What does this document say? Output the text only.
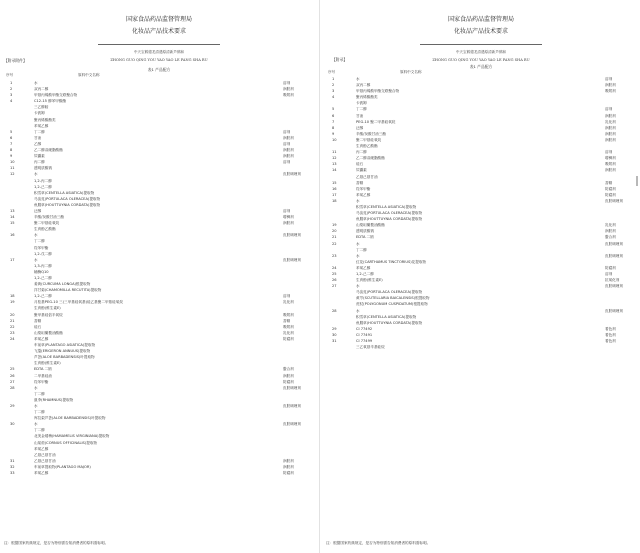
国家食品药品监督管理局
化妆品产品技术要求
中天宝鹤德龙清遇原清新芦鹤和
ZHONG GUO QING YOU YAO YAO LE PANG SHA RU
【附录附件】
表1 产品配方
序号	原料中文名称
1	水	溶剂
2	双丙二醇	润肤剂
3	甲基丙烯酸甲酯交联聚合物	吸附剂
4	C12-15 醇苯甲酸酯
三乙醇胺
卡波姆
聚丙烯酸酯类
苯氧乙醇
5	丁二醇	溶剂
6	甘油	润肤剂
7	乙醇	溶剂
8	乙二醇双硬脂酸酯	润肤剂
9	尿囊素	润肤剂
10	丙二醇	溶剂
11	透明质酸钠
12	水	皮肤调理剂
1,2-丙二醇
1,2-己二醇
积雪草(CENTELLA ASIATICA)提取物
马齿苋(PORTULACA OLERACEA)提取物
鱼腥草(HOUTTUYNIA CORDATA)提取物
13	泛醇	溶剂
14	辛酸/癸酸甘油三酯	增稠剂
15	聚二甲基硅氧烷	润肤剂
生育酚乙酸酯
16	水	皮肤调理剂
丁二醇
羟苯甲酯
1,2-戊二醇
17	水	皮肤调理剂
1,3-丙二醇
辅酶Q10
1,2-己二醇
姜黄(CURCUMA LONGA)根提取物
洋甘菊(CHAMOMILLA RECUTITA)提取物
18	1,2-己二醇	溶剂
19	月桂基PEG-10 三(三甲基硅氧基)硅乙基聚二甲基硅氧烷	乳化剂
生育酚(维生素E)
20	聚甲基硅倍半氧烷	吸附剂
21	香精	香精
22	硅石	吸附剂
23	山梨坦橄榄油酸酯	乳化剂
24	苯氧乙醇	防腐剂
车前草(PLANTAGO ASIATICA)提取物
飞蓬(ERIGERON ANNUUS)提取物
芦荟(ALOE BARBADENSIS)叶提取物
生育酚(维生素E)
25	EDTA 二钠	螯合剂
26	二甲基硅油	润肤剂
27	羟苯甲酯	防腐剂
28	水	皮肤调理剂
丁二醇
鼠李(RHAMNUS)提取物
29	水	皮肤调理剂
丁二醇
库拉索芦荟(ALOE BARBADENSIS)叶提取物
30	水	皮肤调理剂
丁二醇
北美金缕梅(HAMAMELIS VIRGINIANA)提取物
山茱萸(CORNUS OFFICINALIS)提取物
苯氧乙醇
乙基己基甘油
31	乙基己基甘油	润肤剂
32	车前草提取物(PLANTAGO MAJOR)	润肤剂
33	苯氧乙醇	防腐剂
注：根据国家药典规定，是否为特别需告知消费者的原料需标明。
国家食品药品监督管理局
化妆品产品技术要求
中天宝鹤德龙清遇原清新芦鹤和
ZHONG GUO QING YOU YAO YAO LE PANG SHA RU
【附录】
表1 产品配方
序号	原料中文名称
1	水	溶剂
2	双丙二醇	润肤剂
3	甲基丙烯酸甲酯交联聚合物	吸附剂
4	聚丙烯酸酯类
卡波姆
5	丁二醇	溶剂
6	甘油	润肤剂
7	PEG-10 聚二甲基硅氧烷	乳化剂
8	泛醇	润肤剂
9	辛酸/癸酸甘油三酯	润肤剂
10	聚二甲基硅氧烷	润肤剂
生育酚乙酸酯
11	丙二醇	溶剂
12	乙二醇双硬脂酸酯	增稠剂
13	硅石	吸附剂
14	尿囊素	润肤剂
乙基己基甘油
15	香精	香精
16	羟苯甲酯	防腐剂
17	苯氧乙醇	防腐剂
18	水	皮肤调理剂
积雪草(CENTELLA ASIATICA)提取物
马齿苋(PORTULACA OLERACEA)提取物
鱼腥草(HOUTTUYNIA CORDATA)提取物
19	山梨坦橄榄油酸酯	乳化剂
20	透明质酸钠	润肤剂
21	EDTA 二钠	螯合剂
22	水	皮肤调理剂
丁二醇
23	水	皮肤调理剂
红花(CARTHAMUS TINCTORIUS)花提取物
24	苯氧乙醇	防腐剂
25	1,2-己二醇	溶剂
26	生育酚(维生素E)	抗氧化剂
27	水	皮肤调理剂
马齿苋(PORTULACA OLERACEA)提取物
黄芩(SCUTELLARIA BAICALENSIS)根提取物
虎杖(POLYGONUM CUSPIDATUM)根提取物
28	水	皮肤调理剂
积雪草(CENTELLA ASIATICA)提取物
鱼腥草(HOUTTUYNIA CORDATA)提取物
29	CI 77492	着色剂
30	CI 77491	着色剂
31	CI 77499	着色剂
三乙氧基辛基硅烷
注：根据国家药典规定，是否为特别需告知消费者的原料需标明。
